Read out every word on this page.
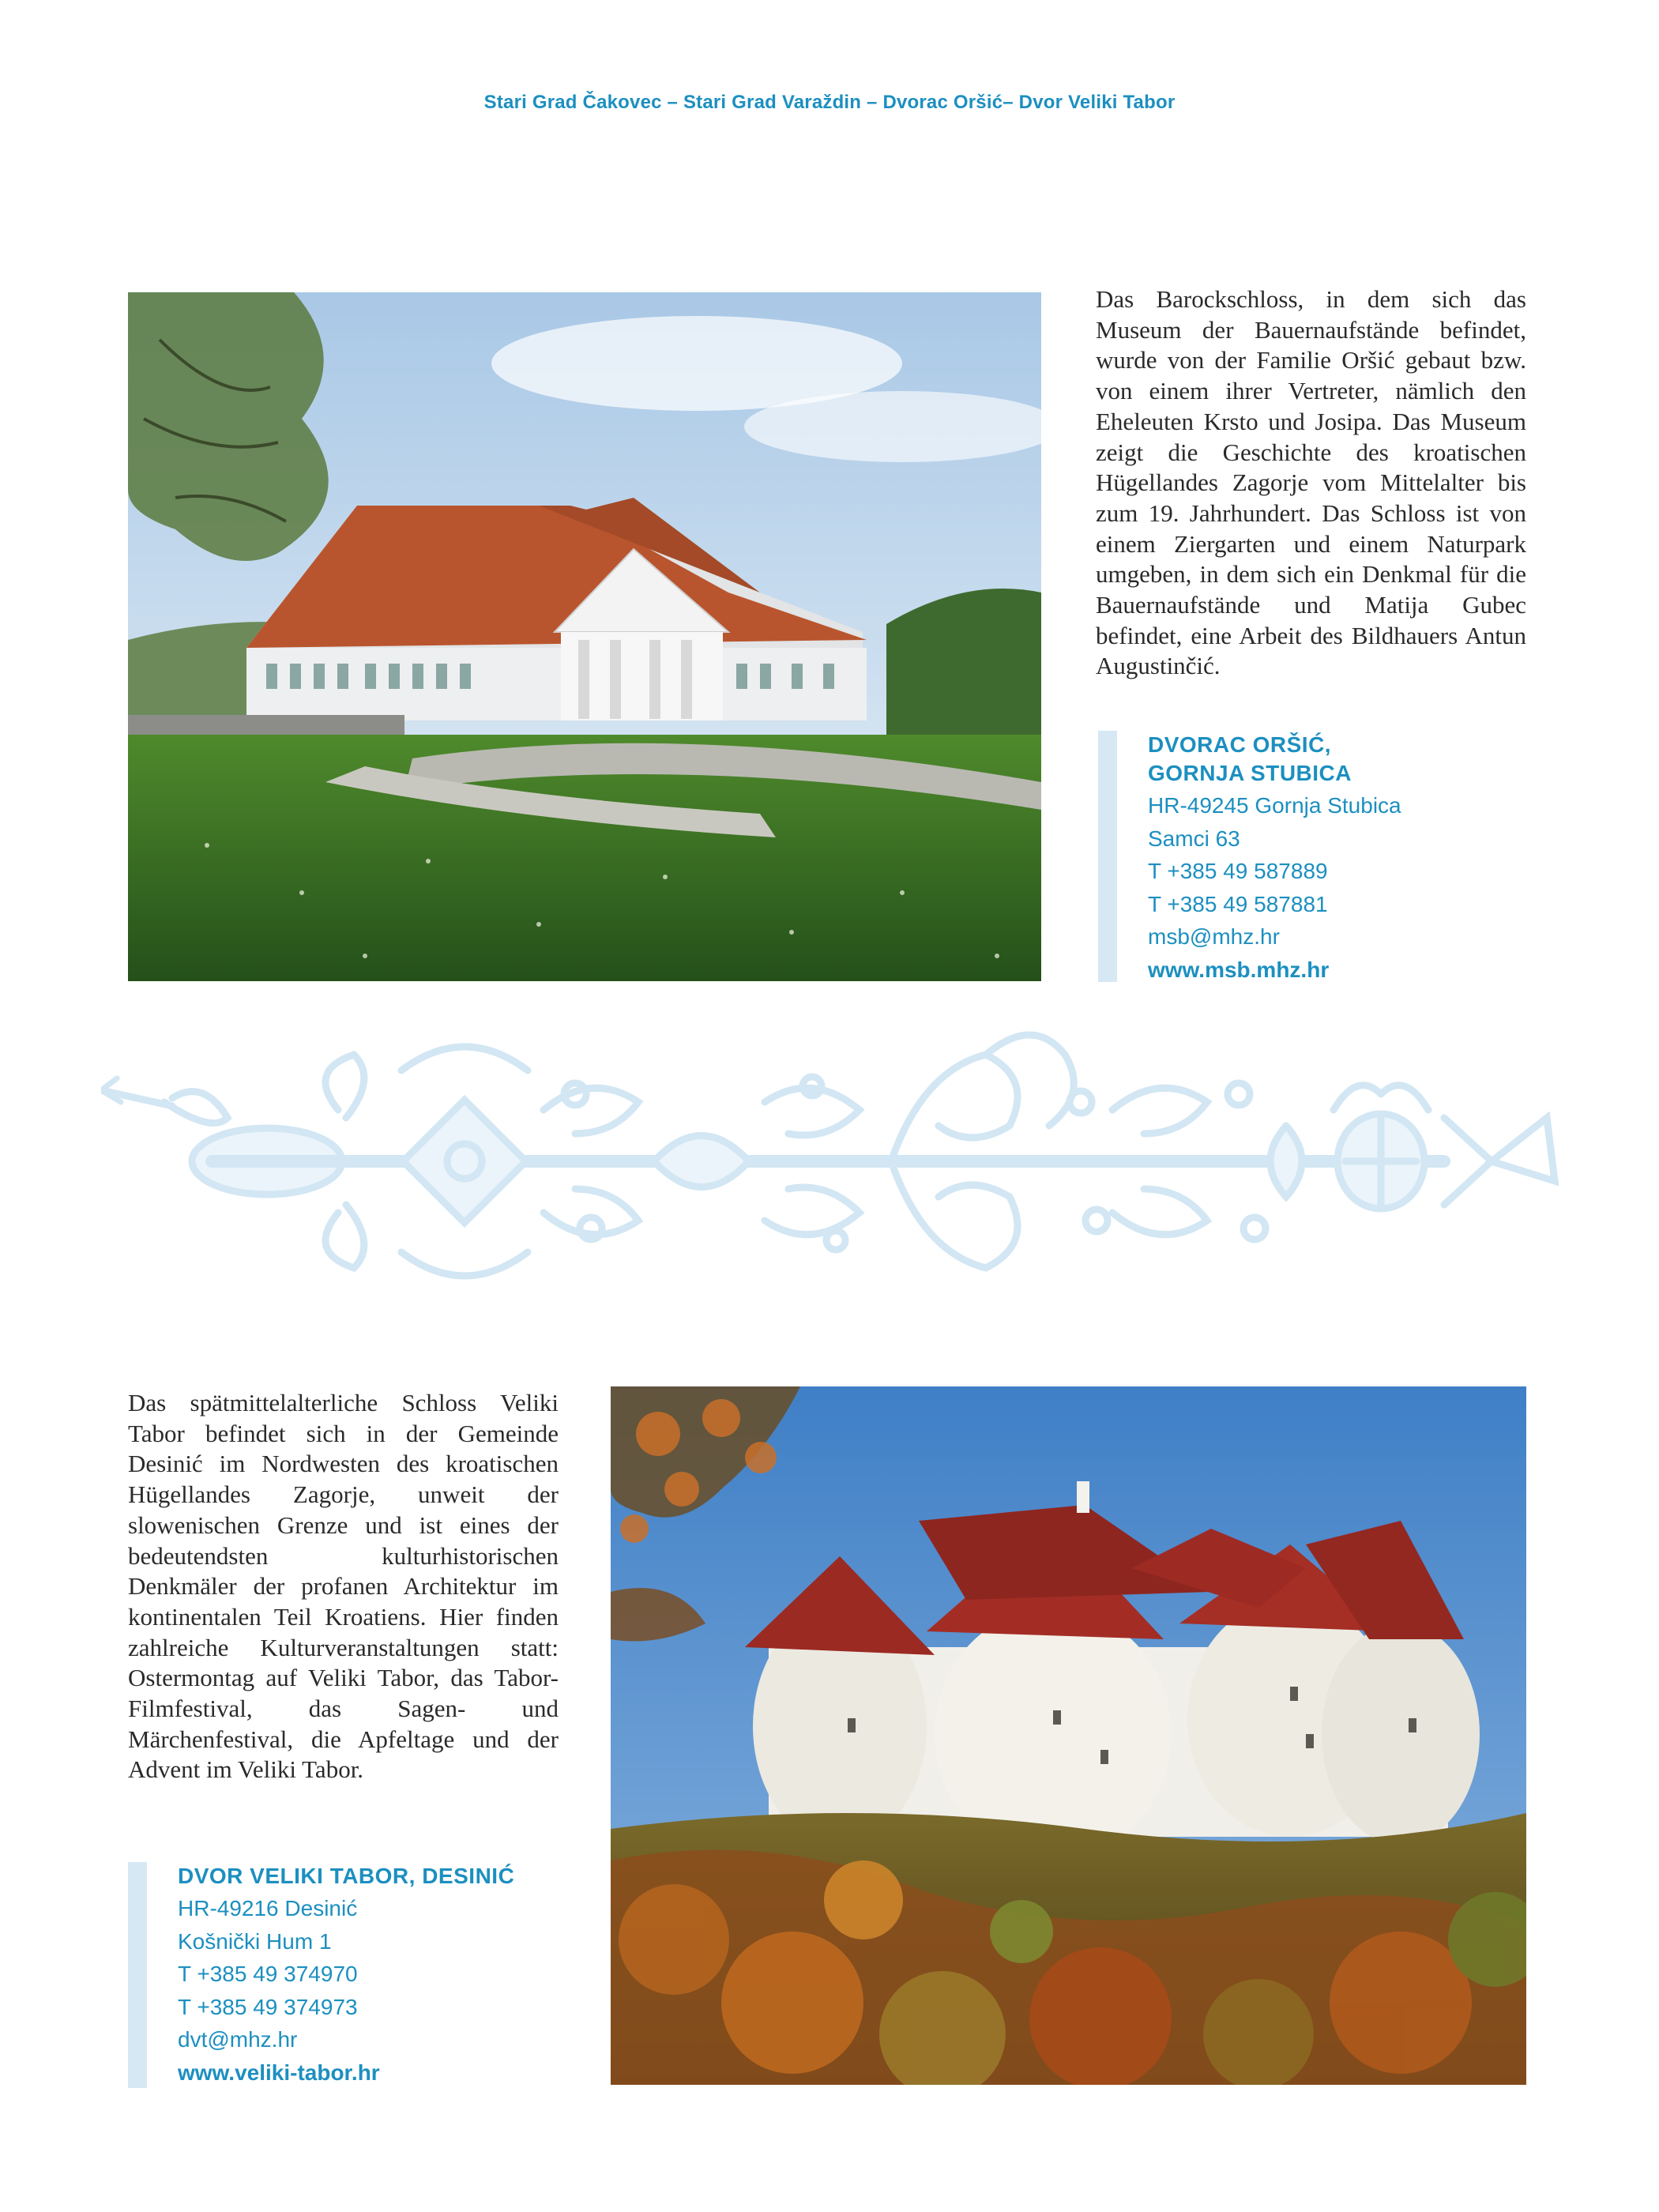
Stari Grad Čakovec – Stari Grad Varaždin – Dvorac Oršić– Dvor Veliki Tabor
Das Barockschloss, in dem sich das Museum der Bauernaufstände befindet, wurde von der Familie Oršić gebaut bzw. von einem ihrer Vertreter, nämlich den Eheleuten Krsto und Josipa. Das Museum zeigt die Geschichte des kroatischen Hügellandes Zagorje vom Mittelalter bis zum 19. Jahrhundert. Das Schloss ist von einem Ziergarten und einem Naturpark umgeben, in dem sich ein Denkmal für die Bauernaufstände und Matija Gubec befindet, eine Arbeit des Bildhauers Antun Augustinčić.
DVORAC ORŠIĆ,
GORNJA STUBICA
HR-49245 Gornja Stubica
Samci 63
T +385 49 587889
T +385 49 587881
msb@mhz.hr
www.msb.mhz.hr
Das spätmittelalterliche Schloss Veliki Tabor befindet sich in der Gemeinde Desinić im Nordwesten des kroatischen Hügellandes Zagorje, unweit der slowenischen Grenze und ist eines der bedeutendsten kulturhistorischen Denkmäler der profanen Architektur im kontinentalen Teil Kroatiens. Hier finden zahlreiche Kulturveranstaltungen statt: Ostermontag auf Veliki Tabor, das Tabor-Filmfestival, das Sagen- und Märchenfestival, die Apfeltage und der Advent im Veliki Tabor.
DVOR VELIKI TABOR, DESINIĆ
HR-49216 Desinić
Košnički Hum 1
T +385 49 374970
T +385 49 374973
dvt@mhz.hr
www.veliki-tabor.hr
